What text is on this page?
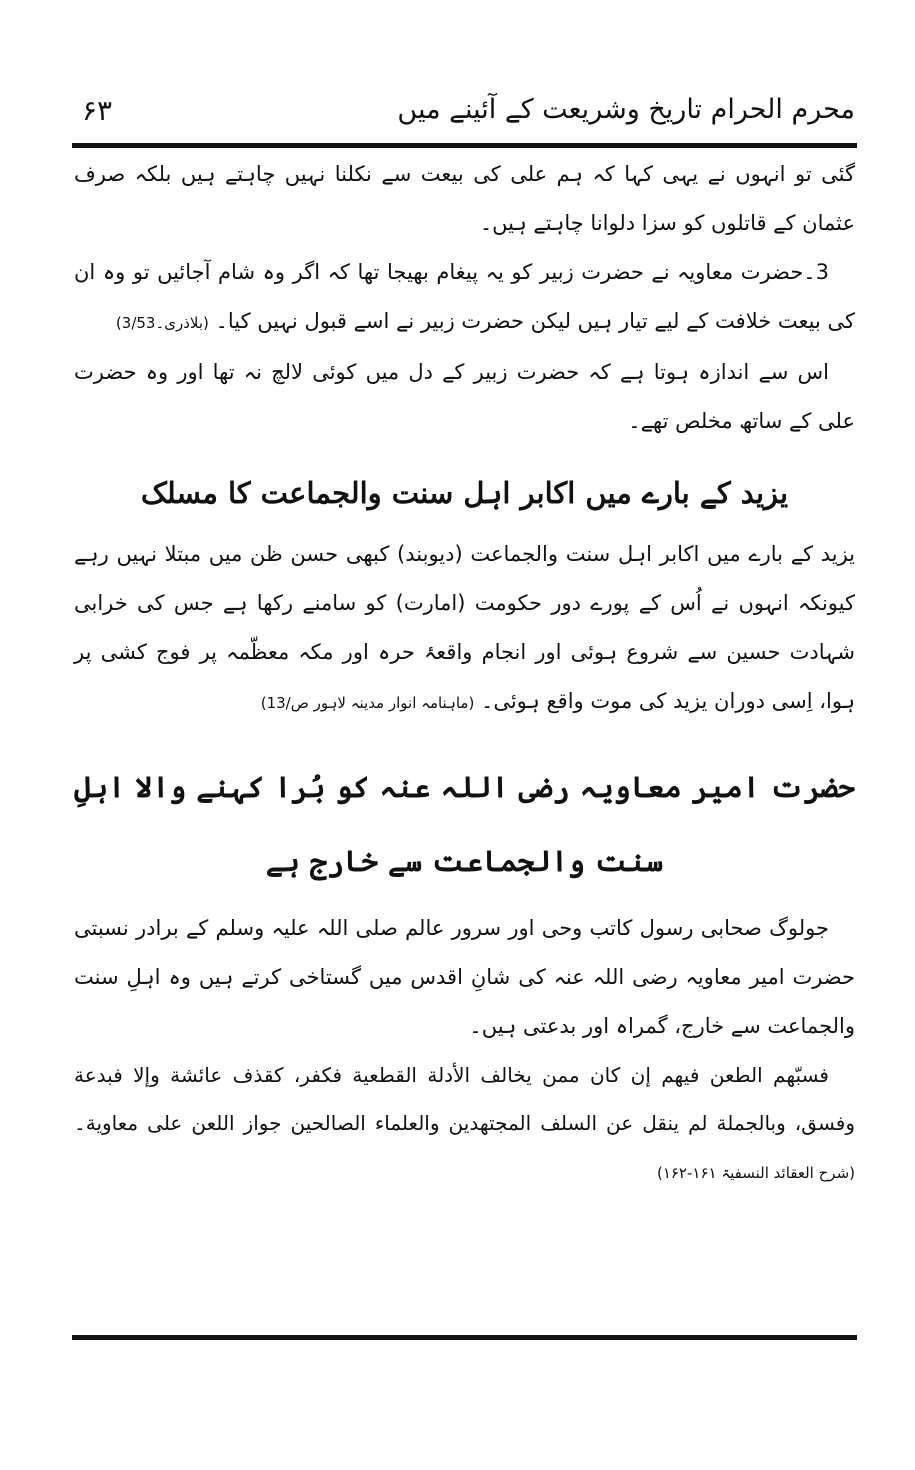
محرم الحرام تاریخ وشریعت کے آئینے میں
۶۳

گئی تو انہوں نے یہی کہا کہ ہم علی کی بیعت سے نکلنا نہیں چاہتے ہیں بلکہ صرف عثمان کے قاتلوں کو سزا دلوانا چاہتے ہیں۔

3۔حضرت معاویہ نے حضرت زبیر کو یہ پیغام بھیجا تھا کہ اگر وہ شام آجائیں تو وہ ان کی بیعت خلافت کے لیے تیار ہیں لیکن حضرت زبیر نے اسے قبول نہیں کیا۔ (بلاذری۔3/53)

اس سے اندازہ ہوتا ہے کہ حضرت زبیر کے دل میں کوئی لالچ نہ تھا اور وہ حضرت علی کے ساتھ مخلص تھے۔

یزید کے بارے میں اکابر اہل سنت والجماعت کا مسلک

یزید کے بارے میں اکابر اہل سنت والجماعت (دیوبند) کبھی حسن ظن میں مبتلا نہیں رہے کیونکہ انہوں نے اُس کے پورے دور حکومت (امارت) کو سامنے رکھا ہے جس کی خرابی شہادت حسین سے شروع ہوئی اور انجام واقعۂ حرہ اور مکہ معظّمہ پر فوج کشی پر ہوا، اِسی دوران یزید کی موت واقع ہوئی۔ (ماہنامہ انوار مدینہ لاہور ص/13)

حضرت امیر معاویہ رضی اللہ عنہ کو بُرا کہنے والا اہلِ سنت والجماعت سے خارج ہے

جولوگ صحابی رسول کاتب وحی اور سرور عالم صلی اللہ علیہ وسلم کے برادر نسبتی حضرت امیر معاویہ رضی اللہ عنہ کی شانِ اقدس میں گستاخی کرتے ہیں وہ اہلِ سنت والجماعت سے خارج، گمراہ اور بدعتی ہیں۔

فسبّهم الطعن فيهم إن كان ممن يخالف الأدلة القطعية فكفر، كقذف عائشة وإلا فبدعة وفسق، وبالجملة لم ينقل عن السلف المجتهدين والعلماء الصالحين جواز اللعن على معاوية۔ (شرح العقائد النسفیۃ ۱۶۱-۱۶۲)
